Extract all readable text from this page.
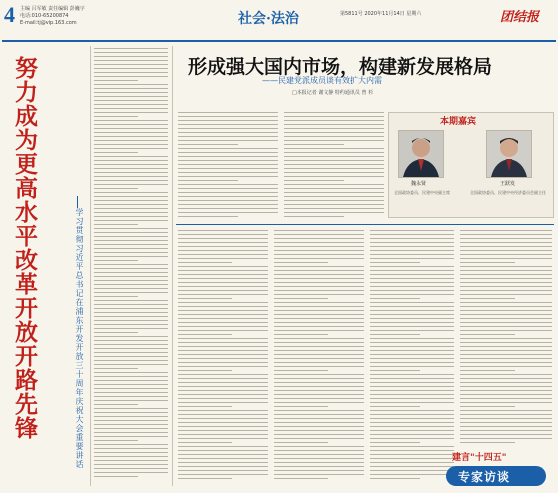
4 主编 吕军敏 责任编辑 彭巍宇
电话:010-65200874
E-mail:tj@vip.163.com	社会·法治	第5811号 2020年11月14日 星期六	团结报
努力成为更高水平改革开放开路先锋	学习贯彻习近平总书记在浦东开发开放三十周年庆祝大会重要讲话
形成强大国内市场，构建新发展格局
——民建党派成员谈有效扩大内需
□本报记者 谢文静 特约通讯员 曾 杉
本期嘉宾
魏永贤
全国政协委员、民建中央副主席
王跃发
全国政协委员、民建中央经济委员会副主任
建言"十四五"
专家访谈
